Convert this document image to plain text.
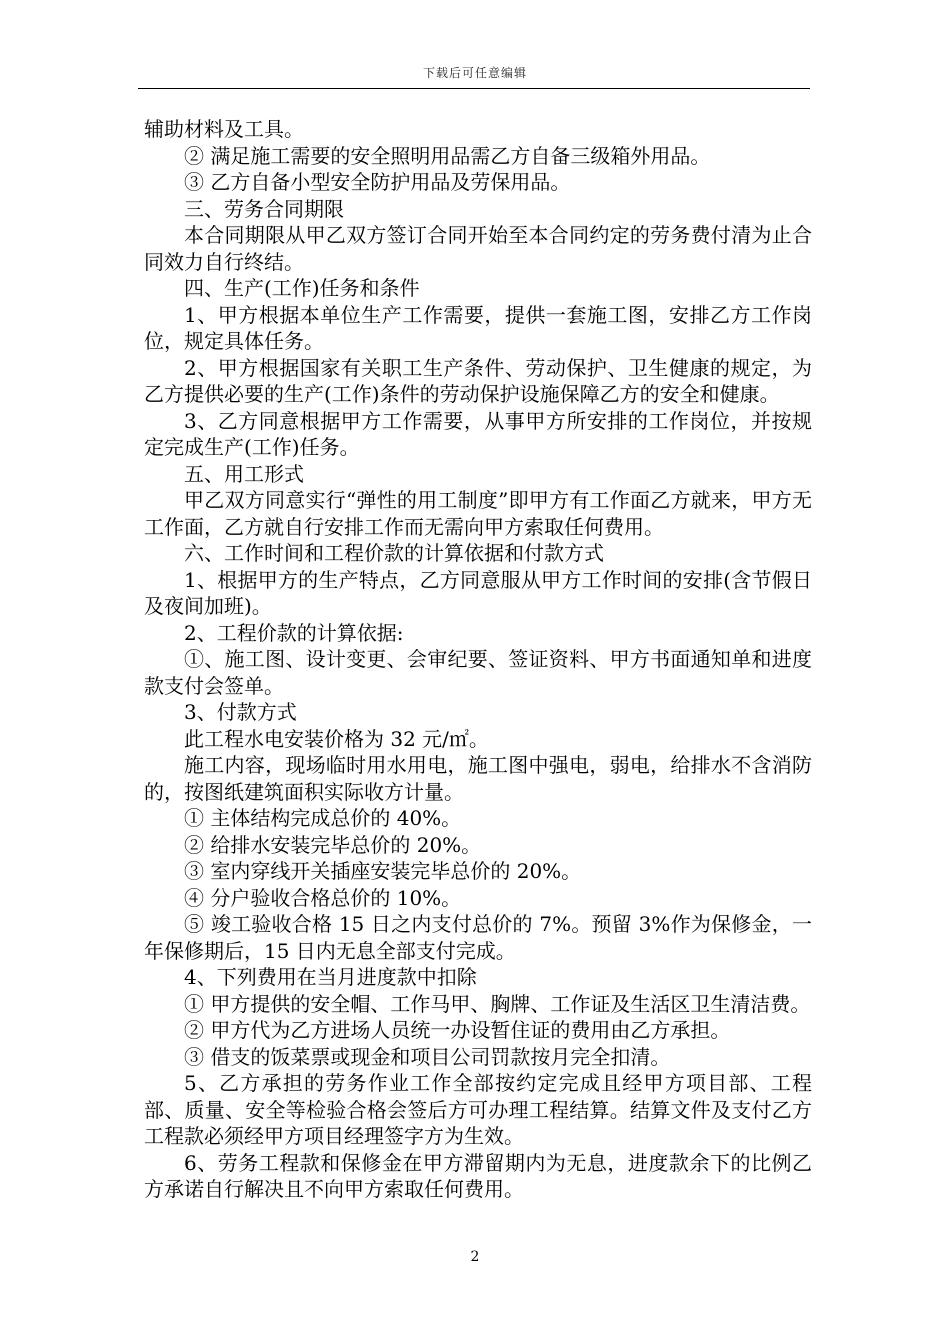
下载后可任意编辑

辅助材料及工具。

② 满足施工需要的安全照明用品需乙方自备三级箱外用品。

③ 乙方自备小型安全防护用品及劳保用品。

三、劳务合同期限

本合同期限从甲乙双方签订合同开始至本合同约定的劳务费付清为止合同效力自行终结。

四、生产(工作)任务和条件

1、甲方根据本单位生产工作需要，提供一套施工图，安排乙方工作岗位，规定具体任务。

2、甲方根据国家有关职工生产条件、劳动保护、卫生健康的规定，为乙方提供必要的生产(工作)条件的劳动保护设施保障乙方的安全和健康。

3、乙方同意根据甲方工作需要，从事甲方所安排的工作岗位，并按规定完成生产(工作)任务。

五、用工形式

甲乙双方同意实行“弹性的用工制度”即甲方有工作面乙方就来，甲方无工作面，乙方就自行安排工作而无需向甲方索取任何费用。

六、工作时间和工程价款的计算依据和付款方式

1、根据甲方的生产特点，乙方同意服从甲方工作时间的安排(含节假日及夜间加班)。

2、工程价款的计算依据:

①、施工图、设计变更、会审纪要、签证资料、甲方书面通知单和进度款支付会签单。

3、付款方式

此工程水电安装价格为 32 元/㎡。

施工内容，现场临时用水用电，施工图中强电，弱电，给排水不含消防的，按图纸建筑面积实际收方计量。

① 主体结构完成总价的 40%。

② 给排水安装完毕总价的 20%。

③ 室内穿线开关插座安装完毕总价的 20%。

④ 分户验收合格总价的 10%。

⑤ 竣工验收合格 15 日之内支付总价的 7%。预留 3%作为保修金，一年保修期后，15 日内无息全部支付完成。

4、下列费用在当月进度款中扣除

① 甲方提供的安全帽、工作马甲、胸牌、工作证及生活区卫生清洁费。

② 甲方代为乙方进场人员统一办设暂住证的费用由乙方承担。

③ 借支的饭菜票或现金和项目公司罚款按月完全扣清。

5、乙方承担的劳务作业工作全部按约定完成且经甲方项目部、工程部、质量、安全等检验合格会签后方可办理工程结算。结算文件及支付乙方工程款必须经甲方项目经理签字方为生效。

6、劳务工程款和保修金在甲方滞留期内为无息，进度款余下的比例乙方承诺自行解决且不向甲方索取任何费用。

2
